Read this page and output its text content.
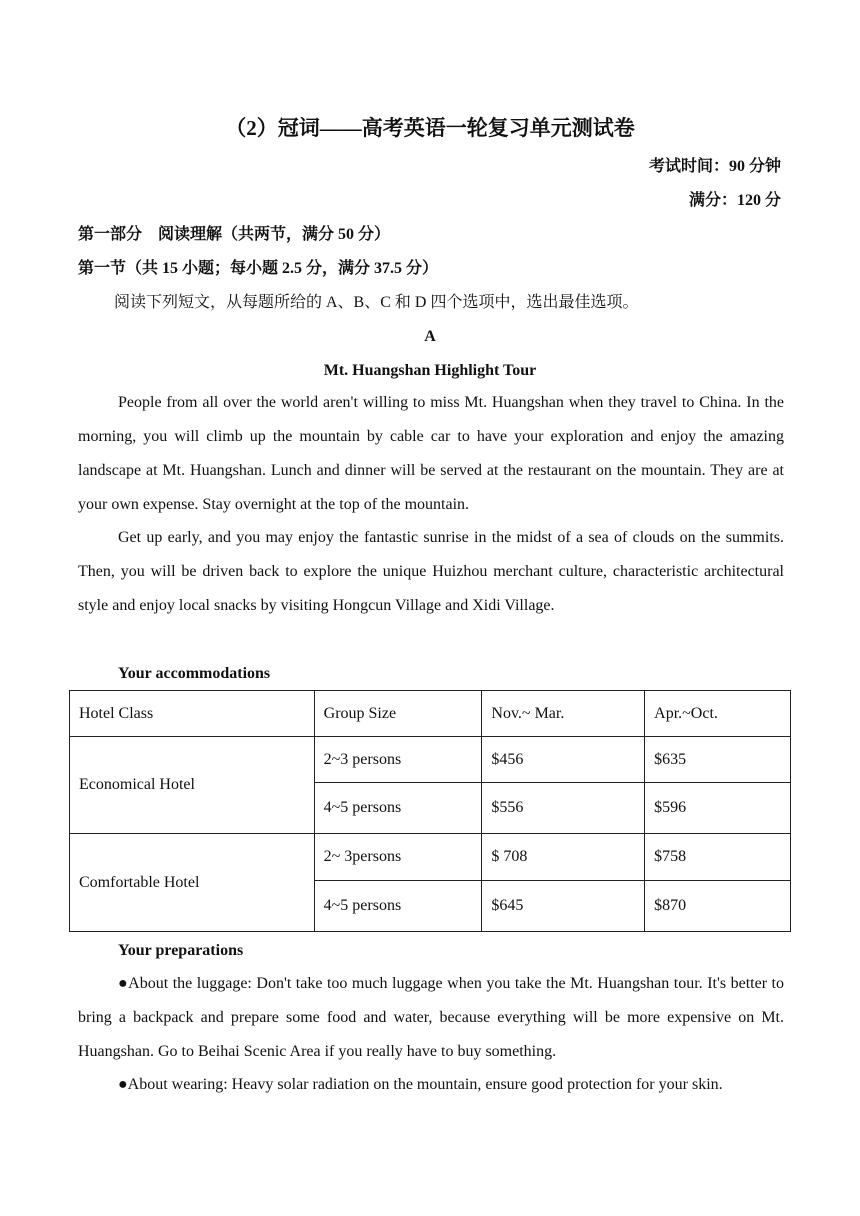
（2）冠词——高考英语一轮复习单元测试卷
考试时间：90 分钟
满分：120 分
第一部分　阅读理解（共两节，满分 50 分）
第一节（共 15 小题；每小题 2.5 分，满分 37.5 分）
阅读下列短文，从每题所给的 A、B、C 和 D 四个选项中，选出最佳选项。
A
Mt. Huangshan Highlight Tour

People from all over the world aren't willing to miss Mt. Huangshan when they travel to China. In the morning, you will climb up the mountain by cable car to have your exploration and enjoy the amazing landscape at Mt. Huangshan. Lunch and dinner will be served at the restaurant on the mountain. They are at your own expense. Stay overnight at the top of the mountain.

Get up early, and you may enjoy the fantastic sunrise in the midst of a sea of clouds on the summits. Then, you will be driven back to explore the unique Huizhou merchant culture, characteristic architectural style and enjoy local snacks by visiting Hongcun Village and Xidi Village.

Your accommodations
Hotel Class	Group Size	Nov.~ Mar.	Apr.~Oct.
Economical Hotel	2~3 persons	$456	$635
	4~5 persons	$556	$596
Comfortable Hotel	2~ 3persons	$ 708	$758
	4~5 persons	$645	$870
Your preparations

●About the luggage: Don't take too much luggage when you take the Mt. Huangshan tour. It's better to bring a backpack and prepare some food and water, because everything will be more expensive on Mt. Huangshan. Go to Beihai Scenic Area if you really have to buy something.

●About wearing: Heavy solar radiation on the mountain, ensure good protection for your skin.
